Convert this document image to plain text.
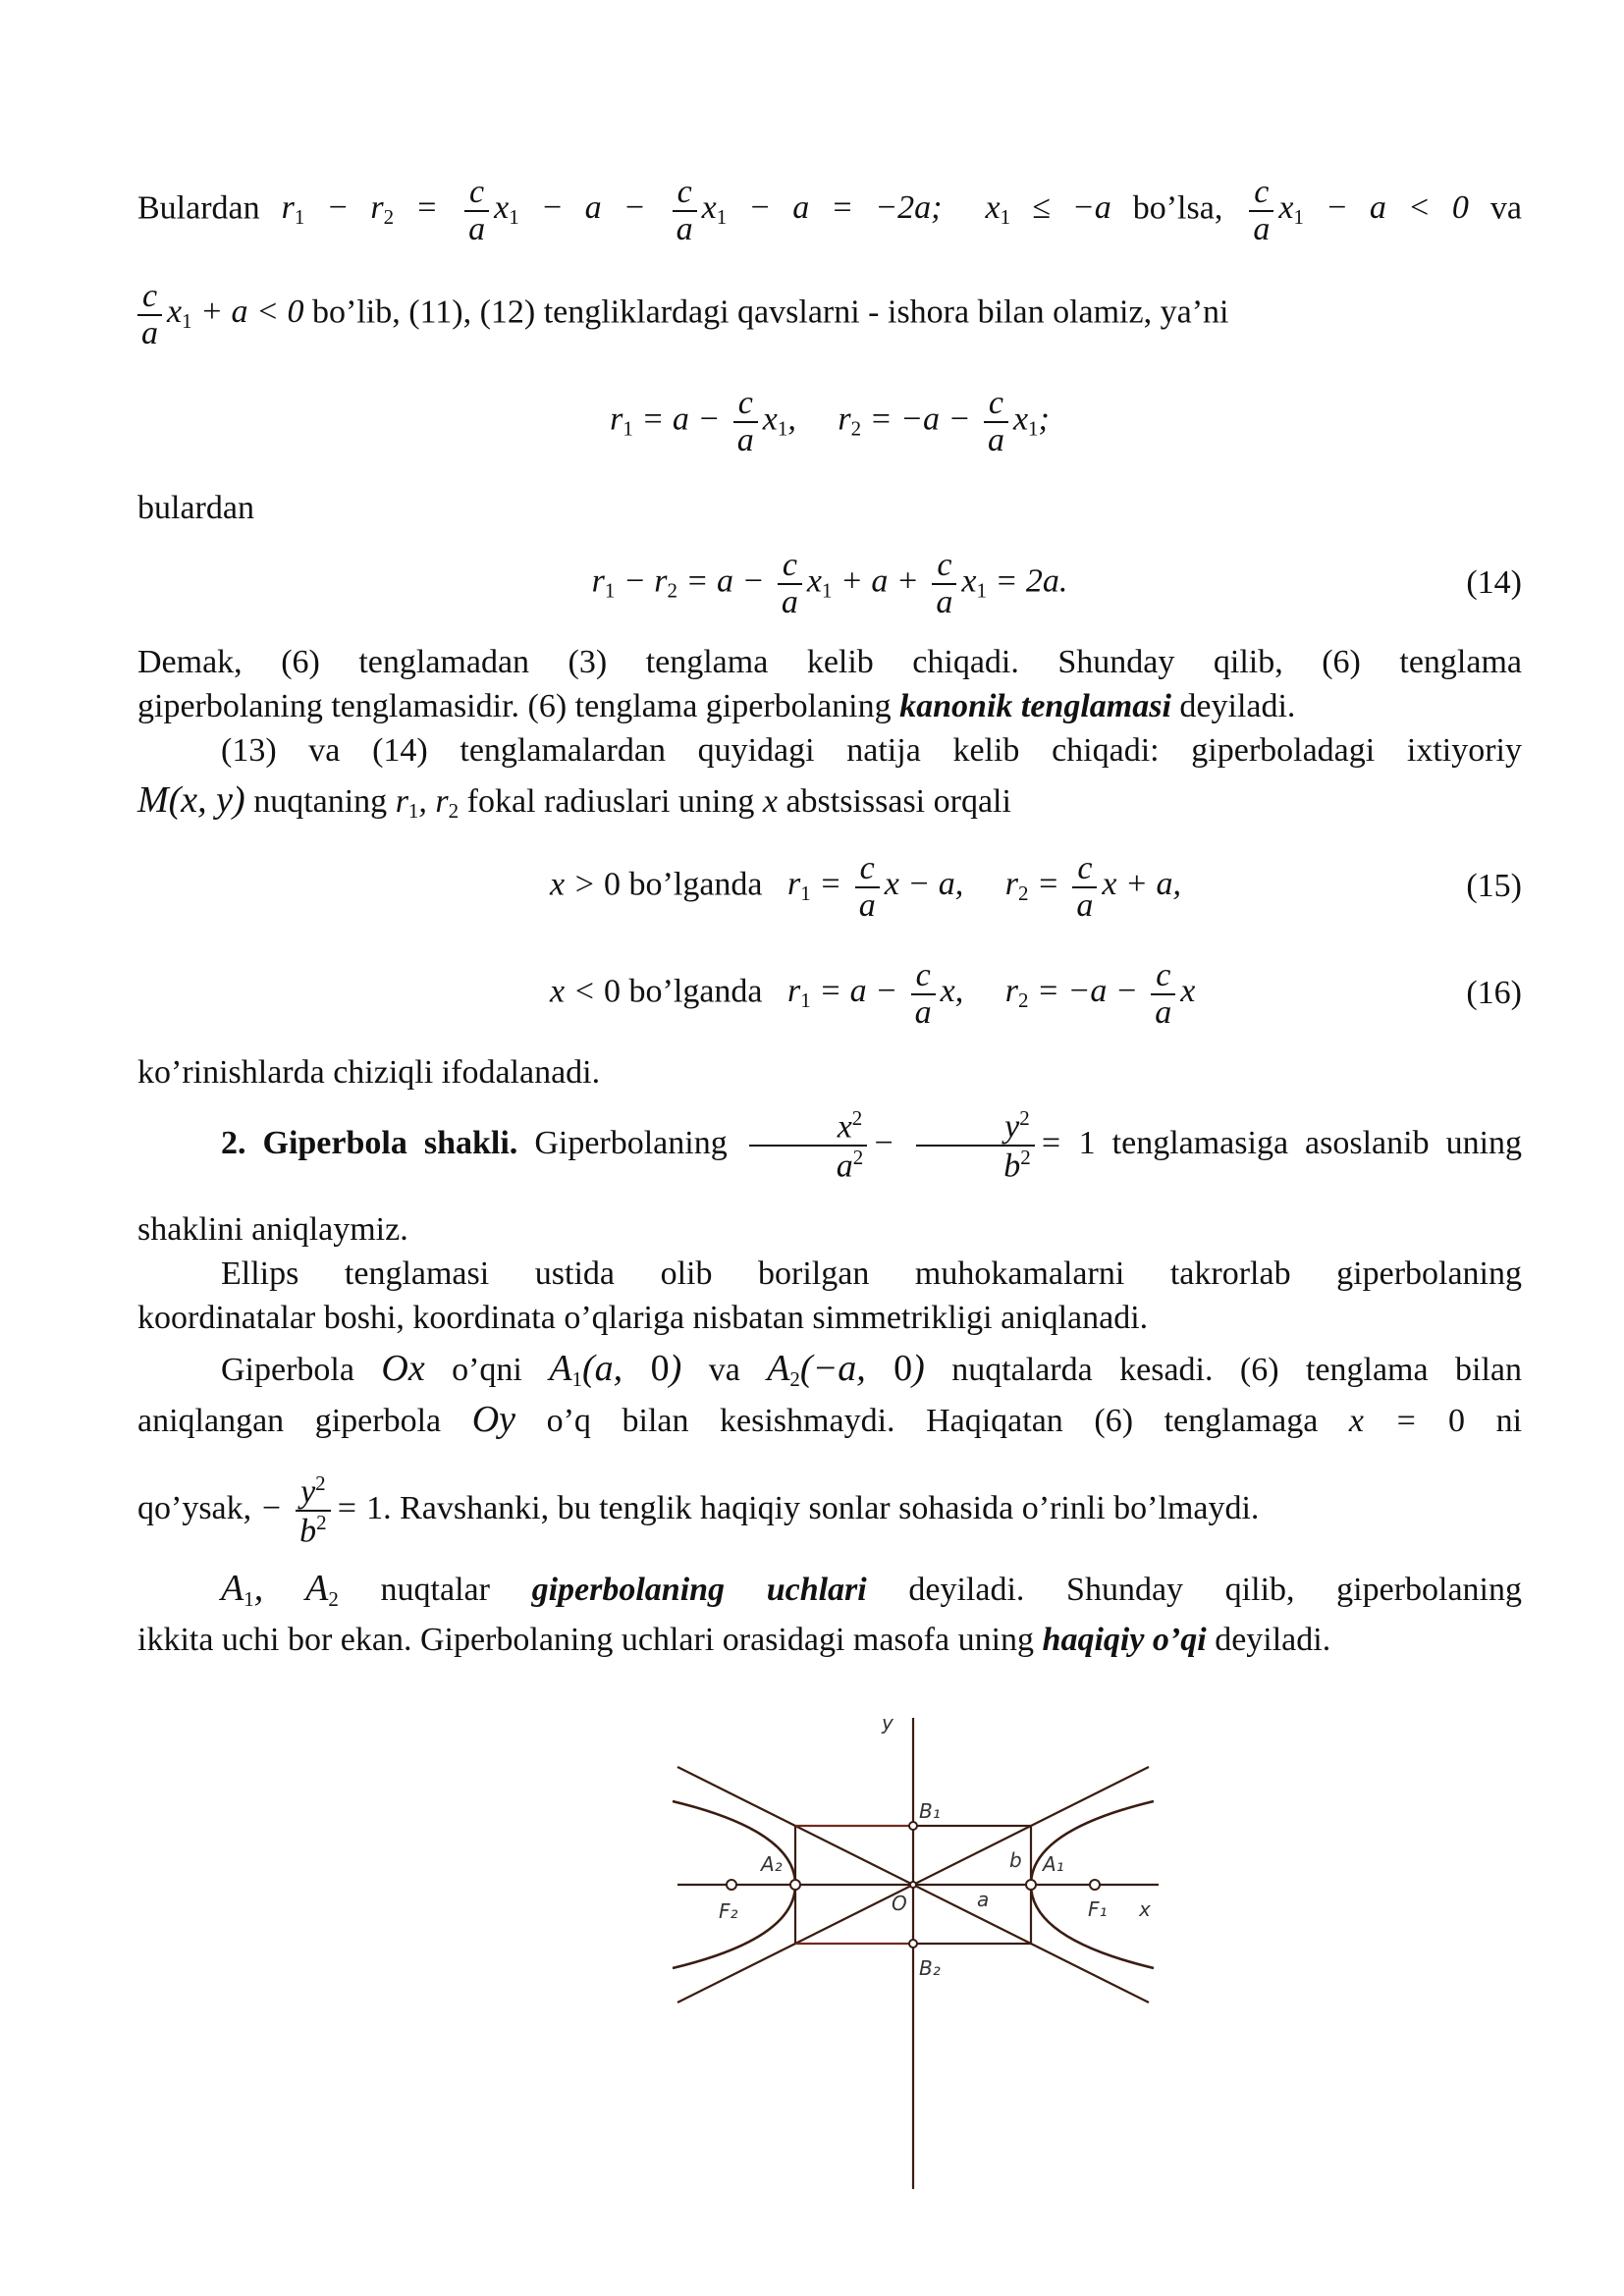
Bulardan $r_1 - r_2 = \frac{c}{a} x_1 - a - \frac{c}{a} x_1 - a = -2a$;  $x_1 \le -a$ bo’lsa, $\frac{c}{a} x_1 - a < 0$ va
$\frac{c}{a} x_1 + a < 0$ bo’lib, (11), (12) tengliklardagi qavslarni - ishora bilan olamiz, ya’ni
$r_1 = a - \frac{c}{a} x_1$,     $r_2 = -a - \frac{c}{a} x_1$;
bulardan
$r_1 - r_2 = a - \frac{c}{a} x_1 + a + \frac{c}{a} x_1 = 2a$.	(14)
Demak, (6) tenglamadan (3) tenglama kelib chiqadi. Shunday qilib, (6) tenglama
giperbolaning tenglamasidir. (6) tenglama giperbolaning kanonik tenglamasi deyiladi.
(13) va (14) tenglamalardan quyidagi natija kelib chiqadi: giperboladagi ixtiyoriy
M(x, y) nuqtaning $r_1$, $r_2$ fokal radiuslari uning x abstsissasi orqali
x > 0 bo’lganda $r_1 = \frac{c}{a}$ x − a,     $r_2 = \frac{c}{a}$ x + a,	(15)
x < 0 bo’lganda $r_1 = a - \frac{c}{a} x$,     $r_2 = -a - \frac{c}{a}$ x	(16)
ko’rinishlarda chiziqli ifodalanadi.
2. Giperbola shakli. Giperbolaning $\frac{x^2}{a^2} - \frac{y^2}{b^2} = 1$ tenglamasiga asoslanib uning
shaklini aniqlaymiz.
Ellips tenglamasi ustida olib borilgan muhokamalarni takrorlab giperbolaning
koordinatalar boshi, koordinata o’qlariga nisbatan simmetrikligi aniqlanadi.
Giperbola Ox o’qni $A_1(a$, 0) va $A_2(-a$, 0) nuqtalarda kesadi. (6) tenglama bilan
aniqlangan giperbola Oy o’q bilan kesishmaydi. Haqiqatan (6) tenglamaga x = 0 ni
qo’ysak, − $\frac{y^2}{b^2} = 1$. Ravshanki, bu tenglik haqiqiy sonlar sohasida o’rinli bo’lmaydi.
$A_1$, $A_2$ nuqtalar giperbolaning uchlari deyiladi. Shunday qilib, giperbolaning
ikkita uchi bor ekan. Giperbolaning uchlari orasidagi masofa uning haqiqiy o’qi deyiladi.
y
x
O	a
b A₁
A₂
B₁
B₂
F₁
F₂
